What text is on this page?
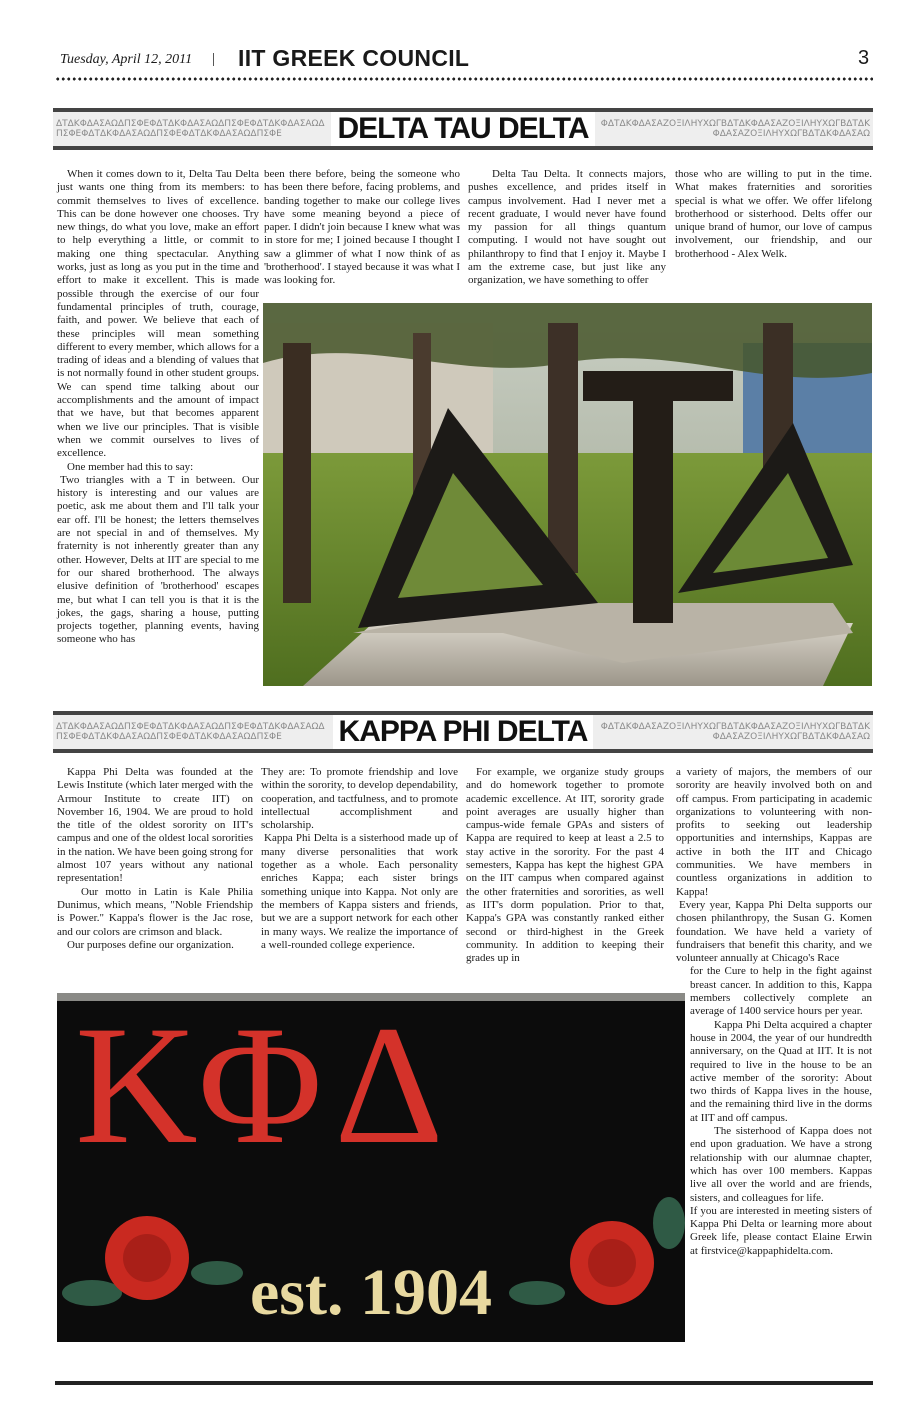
Tuesday, April 12, 2011 | IIT GREEK COUNCIL	3
ΔΤΔΚΦΔΑΣΑΩΔΠΣΦΕΦΔΤΔΚΦΔΑΣΑΩΔΠΣΦΕΦΔΤΔΚΦΔΑΣΑΩΔΠΣΦΕΦΔΤΔΚΦΔΑΣΑΩΔΠΣΦΕΦΔΤΔΚΦΔΑΣΑΩΔΠΣΦΕ	DELTA TAU DELTA	ΦΔΤΔΚΦΔΑΣΑΖΟΞΙΛΗΥΧΩΓΒΔΤΔΚΦΔΑΣΑΖΟΞΙΛΗΥΧΩΓΒΔΤΔΚΦΔΑΣΑΖΟΞΙΛΗΥΧΩΓΒΔΤΔΚΦΔΑΣΑΩ

When it comes down to it, Delta Tau Delta just wants one thing from its members: to commit themselves to lives of excellence. This can be done however one chooses. Try new things, do what you love, make an effort to help everything a little, or commit to making one thing spectacular. Anything works, just as long as you put in the time and effort to make it excellent. This is made possible through the exercise of our four fundamental principles of truth, courage, faith, and power. We believe that each of these principles will mean something different to every member, which allows for a trading of ideas and a blending of values that is not normally found in other student groups. We can spend time talking about our accomplishments and the amount of impact that we have, but that becomes apparent when we live our principles. That is visible when we commit ourselves to lives of excellence.

One member had this to say:

Two triangles with a T in between. Our history is interesting and our values are poetic, ask me about them and I'll talk your ear off. I'll be honest; the letters themselves are not special in and of themselves. My fraternity is not inherently greater than any other. However, Delts at IIT are special to me for our shared brotherhood. The always elusive definition of 'brotherhood' escapes me, but what I can tell you is that it is the jokes, the gags, sharing a house, putting projects together, planning events, having someone who has

been there before, being the someone who has been there before, facing problems, and banding together to make our college lives have some meaning beyond a piece of paper. I didn't join because I knew what was in store for me; I joined because I thought I saw a glimmer of what I now think of as 'brotherhood'. I stayed because it was what I was looking for.

Delta Tau Delta. It connects majors, pushes excellence, and prides itself in campus involvement. Had I never met a recent graduate, I would never have found my passion for all things quantum computing. I would not have sought out philanthropy to find that I enjoy it. Maybe I am the extreme case, but just like any organization, we have something to offer

those who are willing to put in the time. What makes fraternities and sororities special is what we offer. We offer lifelong brotherhood or sisterhood. Delts offer our unique brand of humor, our love of campus involvement, our friendship, and our brotherhood - Alex Welk.

ΔΤΔΚΦΔΑΣΑΩΔΠΣΦΕΦΔΤΔΚΦΔΑΣΑΩΔΠΣΦΕΦΔΤΔΚΦΔΑΣΑΩΔΠΣΦΕΦΔΤΔΚΦΔΑΣΑΩΔΠΣΦΕΦΔΤΔΚΦΔΑΣΑΩΔΠΣΦΕ	KAPPA PHI DELTA	ΦΔΤΔΚΦΔΑΣΑΖΟΞΙΛΗΥΧΩΓΒΔΤΔΚΦΔΑΣΑΖΟΞΙΛΗΥΧΩΓΒΔΤΔΚΦΔΑΣΑΖΟΞΙΛΗΥΧΩΓΒΔΤΔΚΦΔΑΣΑΩ

Kappa Phi Delta was founded at the Lewis Institute (which later merged with the Armour Institute to create IIT) on November 16, 1904. We are proud to hold the title of the oldest sorority on IIT's campus and one of the oldest local sororities in the nation. We have been going strong for almost 107 years without any national representation!

Our motto in Latin is Kale Philia Dunimus, which means, "Noble Friendship is Power." Kappa's flower is the Jac rose, and our colors are crimson and black.

Our purposes define our organization.

They are: To promote friendship and love within the sorority, to develop dependability, cooperation, and tactfulness, and to promote intellectual accomplishment and scholarship.

Kappa Phi Delta is a sisterhood made up of many diverse personalities that work together as a whole. Each personality enriches Kappa; each sister brings something unique into Kappa. Not only are the members of Kappa sisters and friends, but we are a support network for each other in many ways. We realize the importance of a well-rounded college experience.

For example, we organize study groups and do homework together to promote academic excellence. At IIT, sorority grade point averages are usually higher than campus-wide female GPAs and sisters of Kappa are required to keep at least a 2.5 to stay active in the sorority. For the past 4 semesters, Kappa has kept the highest GPA on the IIT campus when compared against the other fraternities and sororities, as well as IIT's dorm population. Prior to that, Kappa's GPA was constantly ranked either second or third-highest in the Greek community. In addition to keeping their grades up in

a variety of majors, the members of our sorority are heavily involved both on and off campus. From participating in academic organizations to volunteering with non-profits to seeking out leadership opportunities and internships, Kappas are active in both the IIT and Chicago communities. We have members in countless organizations in addition to Kappa!

Every year, Kappa Phi Delta supports our chosen philanthropy, the Susan G. Komen foundation. We have held a variety of fundraisers that benefit this charity, and we volunteer annually at Chicago's Race

for the Cure to help in the fight against breast cancer. In addition to this, Kappa members collectively complete an average of 1400 service hours per year.

Kappa Phi Delta acquired a chapter house in 2004, the year of our hundredth anniversary, on the Quad at IIT. It is not required to live in the house to be an active member of the sorority: About two thirds of Kappa lives in the house, and the remaining third live in the dorms at IIT and off campus.

The sisterhood of Kappa does not end upon graduation. We have a strong relationship with our alumnae chapter, which has over 100 members. Kappas live all over the world and are friends, sisters, and colleagues for life.

If you are interested in meeting sisters of Kappa Phi Delta or learning more about Greek life, please contact Elaine Erwin at firstvice@kappaphidelta.com.

ΚΦΔ
est. 1904
